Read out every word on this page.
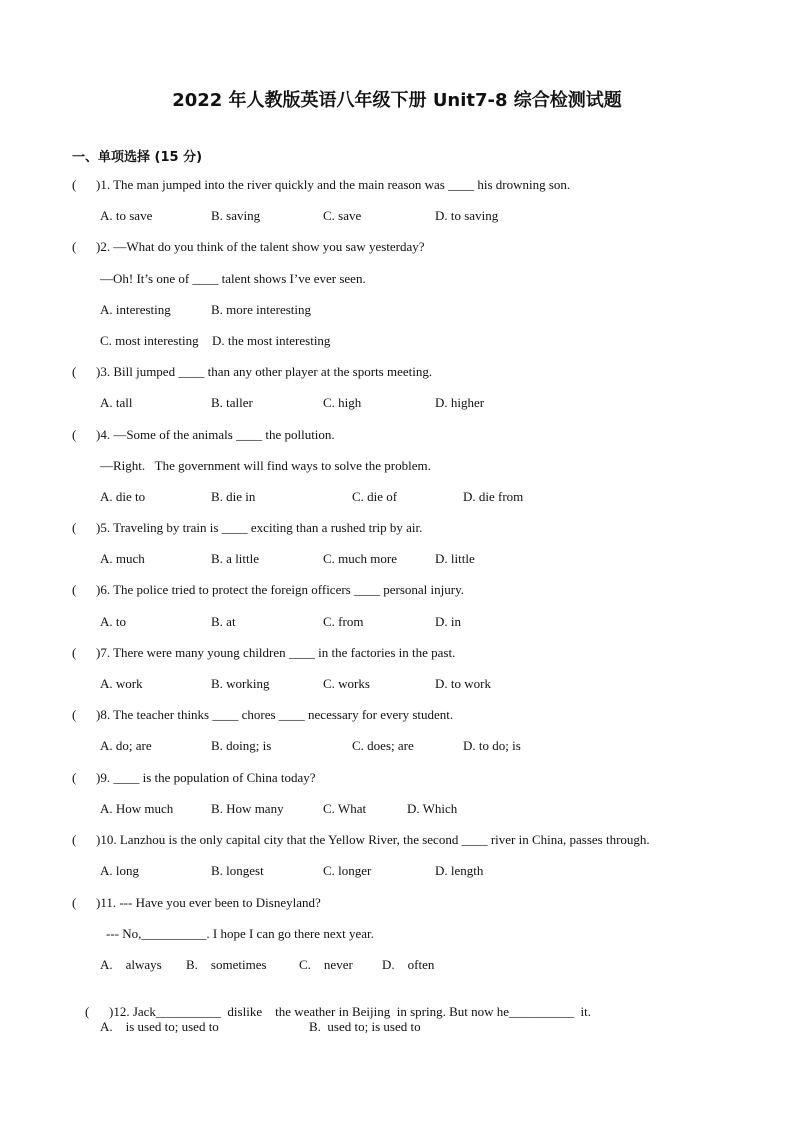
2022 年人教版英语八年级下册 Unit7-8 综合检测试题
一、单项选择 (15 分)
( )1. The man jumped into the river quickly and the main reason was ____ his drowning son.
A. to save	B. saving	C. save	D. to saving
( )2. —What do you think of the talent show you saw yesterday?
—Oh! It’s one of ____ talent shows I’ve ever seen.
A. interesting	B. more interesting
C. most interesting D. the most interesting
( )3. Bill jumped ____ than any other player at the sports meeting.
A. tall	B. taller	C. high	D. higher
( )4. —Some of the animals ____ the pollution.
—Right.   The government will find ways to solve the problem.
A. die to	B. die in	C. die of	D. die from
( )5. Traveling by train is ____ exciting than a rushed trip by air.
A. much	B. a little	C. much more	D. little
( )6. The police tried to protect the foreign officers ____ personal injury.
A. to	B. at	C. from	D. in
( )7. There were many young children ____ in the factories in the past.
A. work	B. working	C. works	D. to work
( )8. The teacher thinks ____ chores ____ necessary for every student.
A. do; are	B. doing; is	C. does; are	D. to do; is
( )9. ____ is the population of China today?
A. How much	B. How many	C. What	D. Which
( )10. Lanzhou is the only capital city that the Yellow River, the second ____ river in China, passes through.
A. long	B. longest	C. longer	D. length
( )11. --- Have you ever been to Disneyland?
--- No,__________. I hope I can go there next year.
A.    always B.    sometimes C.    never D.    often

( )12. Jack__________  dislike    the weather in Beijing  in spring. But now he__________  it.

A.    is used to; used to	B.  used to; is used to
